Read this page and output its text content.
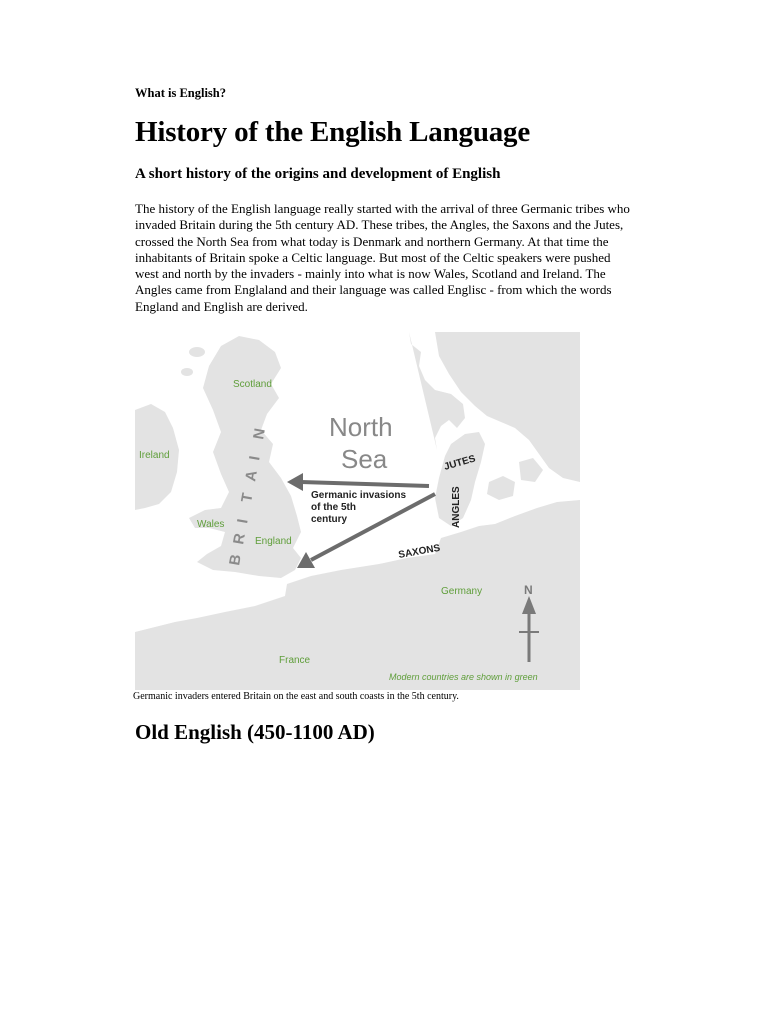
What is English?
History of the English Language
A short history of the origins and development of English

The history of the English language really started with the arrival of three Germanic tribes who invaded Britain during the 5th century AD. These tribes, the Angles, the Saxons and the Jutes, crossed the North Sea from what today is Denmark and northern Germany. At that time the inhabitants of Britain spoke a Celtic language. But most of the Celtic speakers were pushed west and north by the invaders - mainly into what is now Wales, Scotland and Ireland. The Angles came from Englaland and their language was called Englisc - from which the words England and English are derived.

North
Sea
Scotland
Ireland
Wales
England
Germany
France
B
R
I
T
A
I
N
Germanic invasions
of the 5th
century
JUTES
ANGLES
SAXONS
N
Modern countries are shown in green
Germanic invaders entered Britain on the east and south coasts in the 5th century.
Old English (450-1100 AD)
